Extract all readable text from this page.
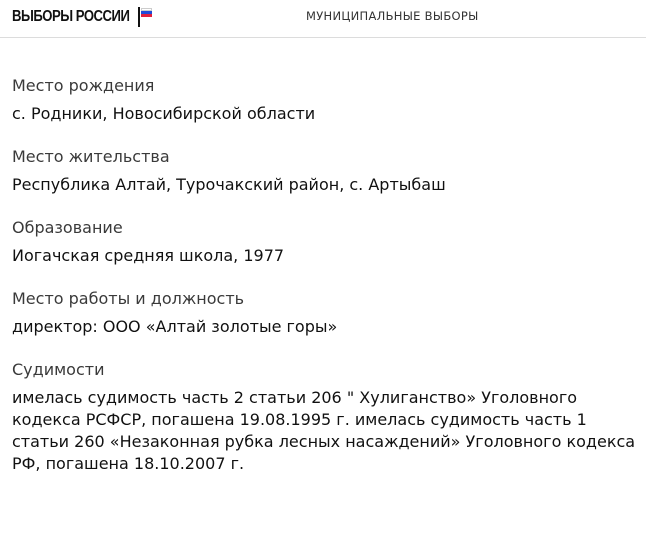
ВЫБОРЫ РОССИИ	МУНИЦИПАЛЬНЫЕ ВЫБОРЫ
Место рождения
с. Родники, Новосибирской области
Место жительства
Республика Алтай, Турочакский район, с. Артыбаш
Образование
Иогачская средняя школа, 1977
Место работы и должность
директор: ООО «Алтай золотые горы»
Судимости
имелась судимость часть 2 статьи 206 " Хулиганство» Уголовного кодекса РСФСР, погашена 19.08.1995 г. имелась судимость часть 1 статьи 260 «Незаконная рубка лесных насаждений» Уголовного кодекса РФ, погашена 18.10.2007 г.
